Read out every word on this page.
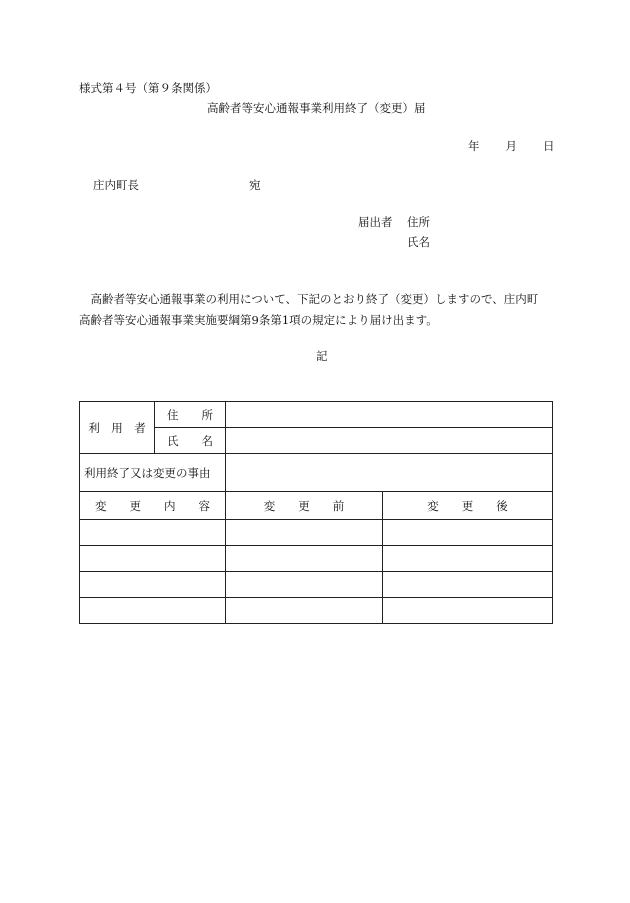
様式第４号（第９条関係）
高齢者等安心通報事業利用終了（変更）届
年 月 日
庄内町長	宛
届出者 住所
氏名
　高齢者等安心通報事業の利用について、下記のとおり終了（変更）しますので、庄内町
高齢者等安心通報事業実施要綱第9条第1項の規定により届け出ます。
記
利　用　者	住　　所		
	氏　　名		
利用終了又は変更の事由			
変　　更　　内　　容		変　　更　　前	変　　更　　後
